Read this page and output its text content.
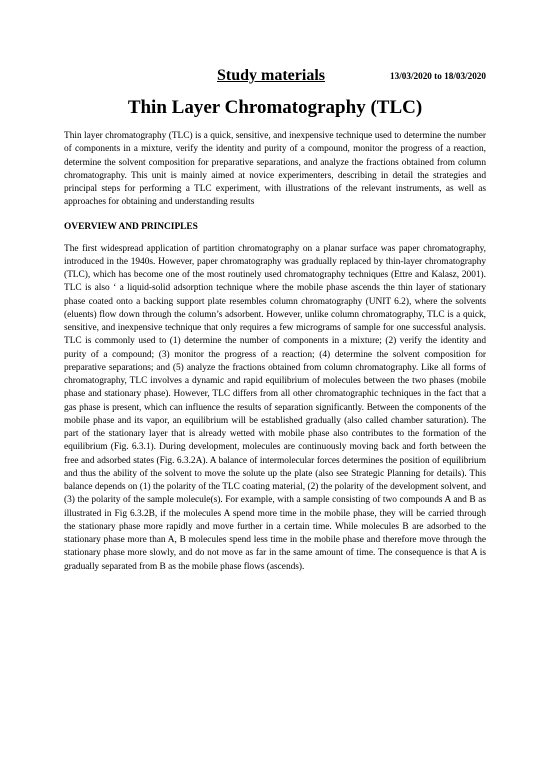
Study materials	13/03/2020 to 18/03/2020
Thin Layer Chromatography (TLC)

Thin layer chromatography (TLC) is a quick, sensitive, and inexpensive technique used to determine the number of components in a mixture, verify the identity and purity of a compound, monitor the progress of a reaction, determine the solvent composition for preparative separations, and analyze the fractions obtained from column chromatography. This unit is mainly aimed at novice experimenters, describing in detail the strategies and principal steps for performing a TLC experiment, with illustrations of the relevant instruments, as well as approaches for obtaining and understanding results

OVERVIEW AND PRINCIPLES

The first widespread application of partition chromatography on a planar surface was paper chromatography, introduced in the 1940s. However, paper chromatography was gradually replaced by thin-layer chromatography (TLC), which has become one of the most routinely used chromatography techniques (Ettre and Kalasz, 2001). TLC is also ‘ a liquid-solid adsorption technique where the mobile phase ascends the thin layer of stationary phase coated onto a backing support plate resembles column chromatography (UNIT 6.2), where the solvents (eluents) flow down through the column’s adsorbent. However, unlike column chromatography, TLC is a quick, sensitive, and inexpensive technique that only requires a few micrograms of sample for one successful analysis. TLC is commonly used to (1) determine the number of components in a mixture; (2) verify the identity and purity of a compound; (3) monitor the progress of a reaction; (4) determine the solvent composition for preparative separations; and (5) analyze the fractions obtained from column chromatography. Like all forms of chromatography, TLC involves a dynamic and rapid equilibrium of molecules between the two phases (mobile phase and stationary phase). However, TLC differs from all other chromatographic techniques in the fact that a gas phase is present, which can influence the results of separation significantly. Between the components of the mobile phase and its vapor, an equilibrium will be established gradually (also called chamber saturation). The part of the stationary layer that is already wetted with mobile phase also contributes to the formation of the equilibrium (Fig. 6.3.1). During development, molecules are continuously moving back and forth between the free and adsorbed states (Fig. 6.3.2A). A balance of intermolecular forces determines the position of equilibrium and thus the ability of the solvent to move the solute up the plate (also see Strategic Planning for details). This balance depends on (1) the polarity of the TLC coating material, (2) the polarity of the development solvent, and (3) the polarity of the sample molecule(s). For example, with a sample consisting of two compounds A and B as illustrated in Fig 6.3.2B, if the molecules A spend more time in the mobile phase, they will be carried through the stationary phase more rapidly and move further in a certain time. While molecules B are adsorbed to the stationary phase more than A, B molecules spend less time in the mobile phase and therefore move through the stationary phase more slowly, and do not move as far in the same amount of time. The consequence is that A is gradually separated from B as the mobile phase flows (ascends).
